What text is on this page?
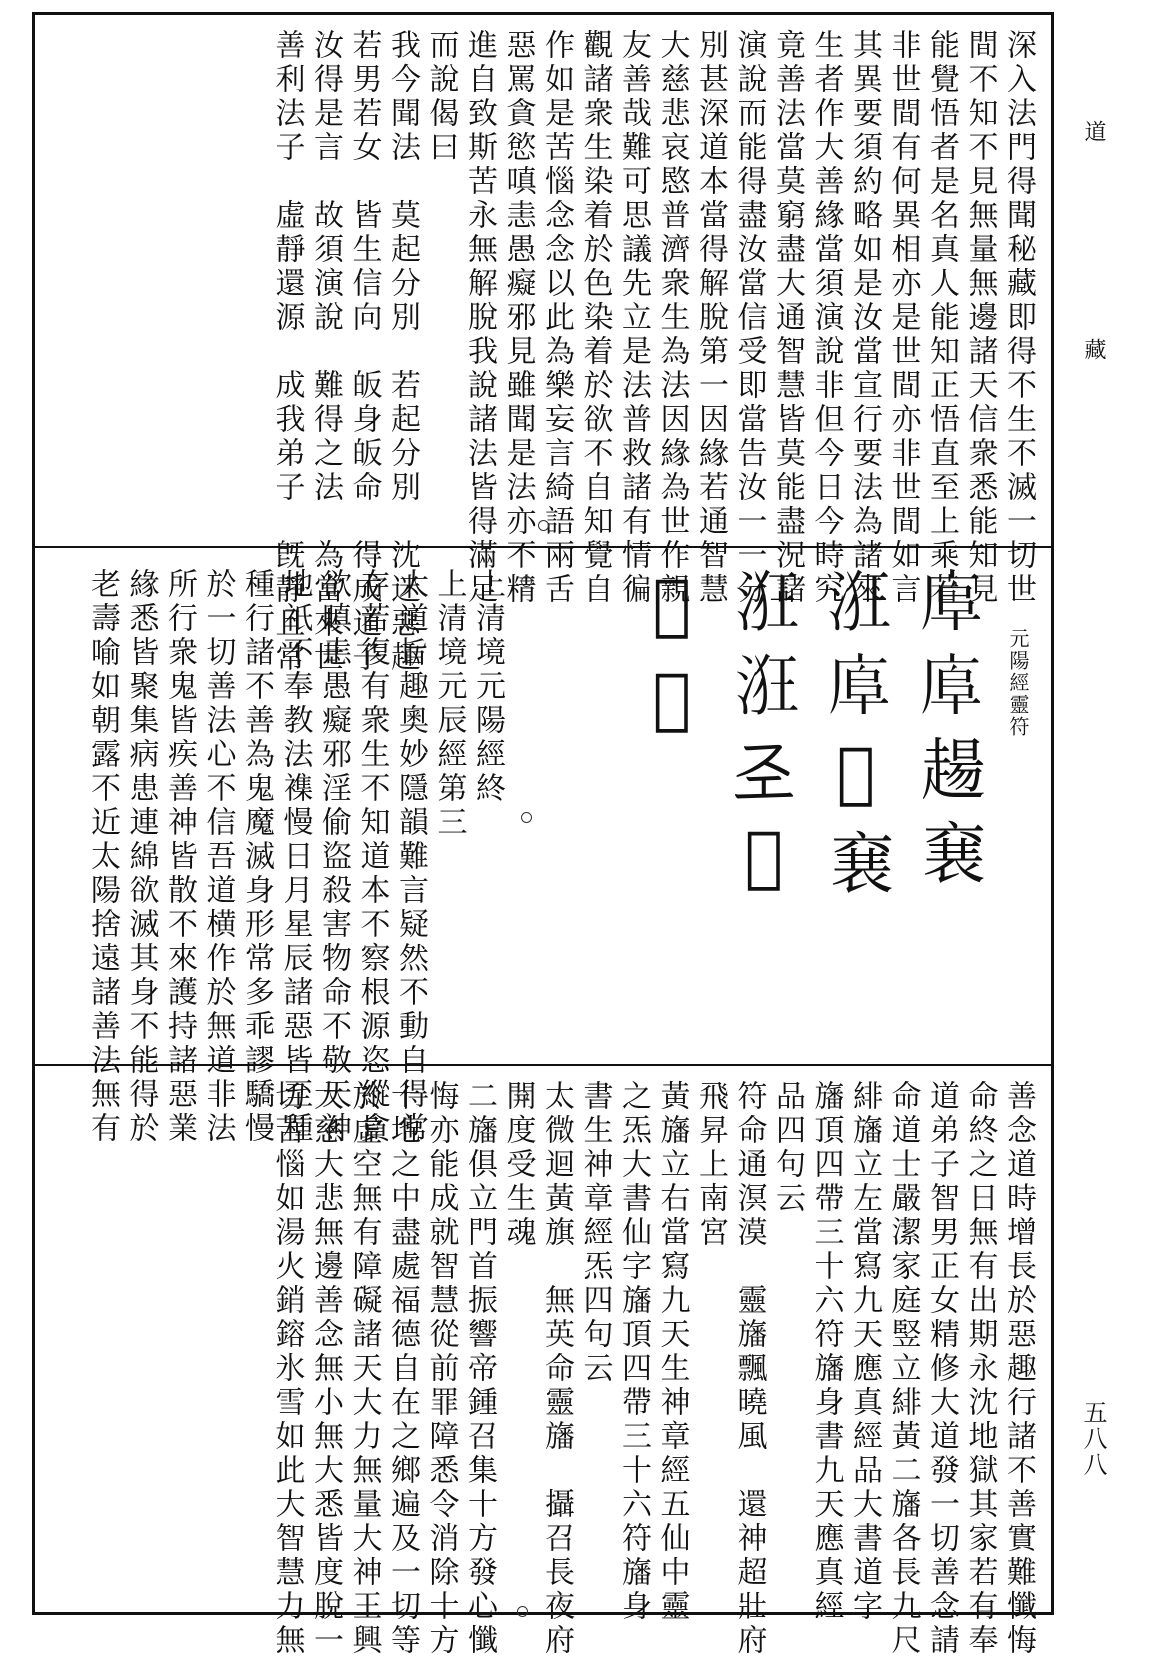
深入法門得聞秘藏即得不生不滅一切世
間不知不見無量無邊諸天信衆悉能知見
能覺悟者是名真人能知正悟直至上乘若
非世間有何異相亦是世間亦非世間如言
其異要須約略如是汝當宣行要法為諸來
生者作大善緣當須演說非但今日今時究
竟善法當莫窮盡大通智慧皆莫能盡況諸
演說而能得盡汝當信受即當告汝一一分
別甚深道本當得解脫第一因緣若通智慧
大慈悲哀愍普濟衆生為法因緣為世作親
友善哉難可思議先立是法普救諸有情徧
觀諸衆生染着於色染着於欲不自知覺自
作如是苦惱念念以此為樂妄言綺語兩舌
惡罵貪慾嗔恚愚癡邪見雖聞是法亦不精
進自致斯苦永無解脫我說諸法皆得滿足
而說偈曰
我今聞法　莫起分別　若起分別　沈迷惡趣
若男若女　皆生信向　皈身皈命　得成道子
汝得是言　故須演說　難得之法　為當來世
善利法子　虛靜還源　成我弟子　旣靜且常
上清境元陽經終
上清境元辰經第三
大道旨趣奧妙隱韻難言疑然不動自得常
存若復有衆生不知道本不察根源恣縱貪
欲瞋恚愚癡邪淫偷盜殺害物命不敬天神
地祇不奉教法襍慢日月星辰諸惡皆至種
種行諸不善為鬼魔滅身形常多乖謬驕慢
於一切善法心不信吾道横作於無道非法
所行衆鬼皆疾善神皆散不來護持諸惡業
緣悉皆聚集病患連綿欲滅其身不能得於
老壽喻如朝露不近太陽捨遠諸善法無有	元陽經靈符
𢈹𢈹𧼮㐮
𣴥𢈹𢉷㐮
𣴥𣴥𢀖𢉷
𣶨𣶨
善念道時增長於惡趣行諸不善實難懺悔
命終之日無有出期永沈地獄其家若有奉
道弟子智男正女精修大道發一切善念請
命道士嚴潔家庭竪立緋黃二旛各長九尺
緋旛立左當寫九天應真經品大書道字
旛頂四帶三十六符旛身書九天應真經
品四句云
符命通溟漠　靈旛飄曉風　還神超壯府
飛昇上南宮
黃旛立右當寫九天生神章經五仙中靈
之炁大書仙字旛頂四帶三十六符旛身
書生神章經炁四句云
太微迴黃旗　無英命靈旛　攝召長夜府
開度受生魂
二旛俱立門首振響帝鍾召集十方發心懺
悔亦能成就智慧從前罪障悉令消除十方
十地之中盡處福德自在之鄉遍及一切等
於虛空無有障礙諸天大力無量大神王興
大慈大悲無邊善念無小無大悉皆度脫一
切苦惱如湯火銷鎔氷雪如此大智慧力無
道
藏
五八八
